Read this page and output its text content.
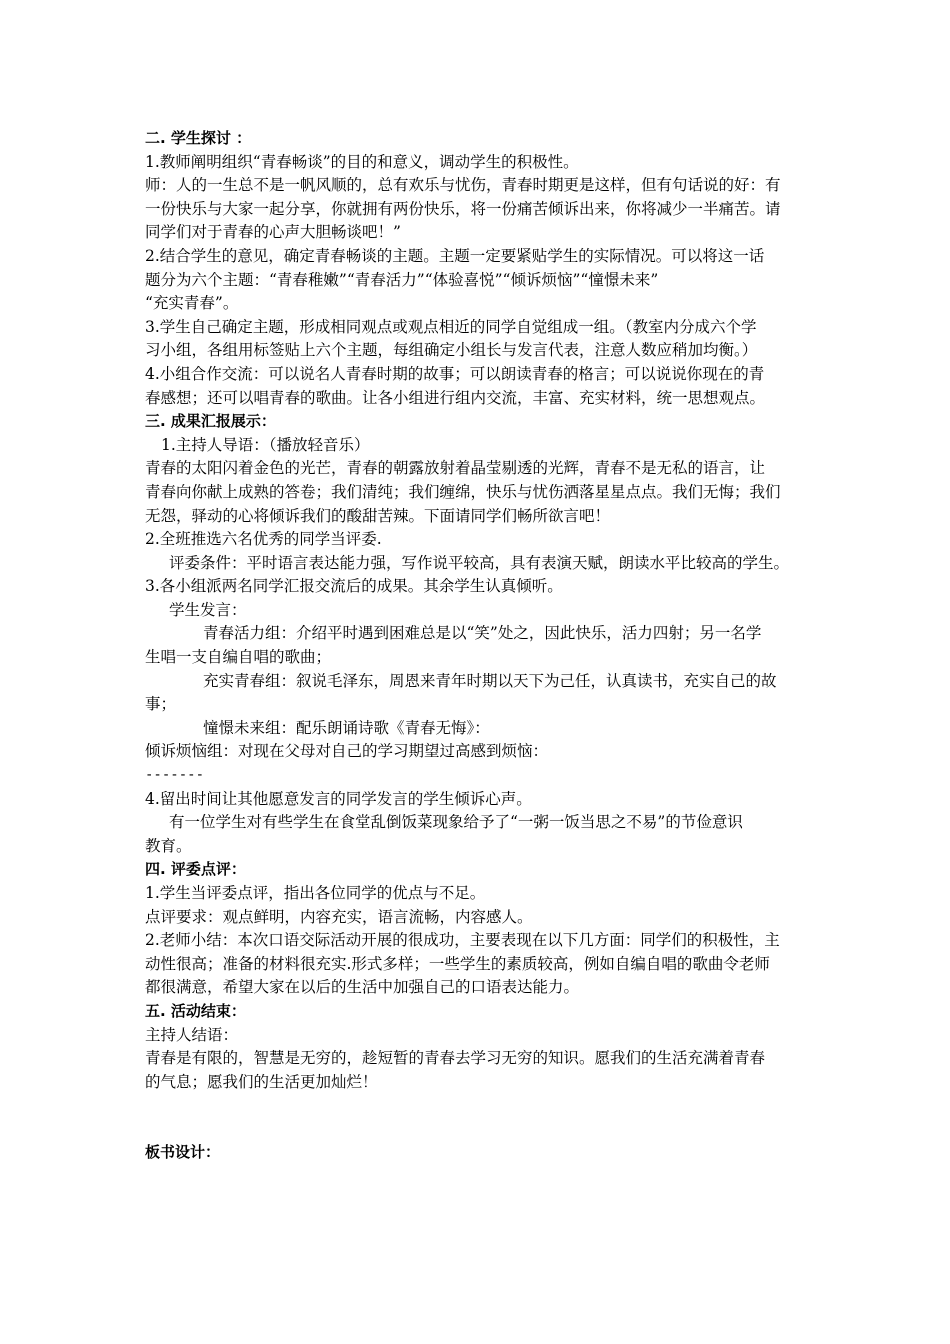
二. 学生探讨 ：
1.教师阐明组织“青春畅谈”的目的和意义，调动学生的积极性。
师：人的一生总不是一帆风顺的，总有欢乐与忧伤，青春时期更是这样，但有句话说的好：有
一份快乐与大家一起分享，你就拥有两份快乐，将一份痛苦倾诉出来，你将减少一半痛苦。请
同学们对于青春的心声大胆畅谈吧！”
2.结合学生的意见，确定青春畅谈的主题。主题一定要紧贴学生的实际情况。可以将这一话
题分为六个主题：“青春稚嫩”“青春活力”“体验喜悦”“倾诉烦恼”“憧憬未来”
“充实青春”。
3.学生自己确定主题，形成相同观点或观点相近的同学自觉组成一组。（教室内分成六个学
习小组，各组用标签贴上六个主题，每组确定小组长与发言代表，注意人数应稍加均衡。）
4.小组合作交流：可以说名人青春时期的故事；可以朗读青春的格言；可以说说你现在的青
春感想；还可以唱青春的歌曲。让各小组进行组内交流，丰富、充实材料，统一思想观点。
三. 成果汇报展示：
1.主持人导语：（播放轻音乐）
青春的太阳闪着金色的光芒，青春的朝露放射着晶莹剔透的光辉，青春不是无私的语言，让
青春向你献上成熟的答卷；我们清纯；我们缠绵，快乐与忧伤洒落星星点点。我们无悔；我们
无怨，驿动的心将倾诉我们的酸甜苦辣。下面请同学们畅所欲言吧！
2.全班推选六名优秀的同学当评委.
评委条件：平时语言表达能力强，写作说平较高，具有表演天赋，朗读水平比较高的学生。
3.各小组派两名同学汇报交流后的成果。其余学生认真倾听。
学生发言：
青春活力组：介绍平时遇到困难总是以“笑”处之，因此快乐，活力四射；另一名学
生唱一支自编自唱的歌曲；
充实青春组：叙说毛泽东，周恩来青年时期以天下为己任，认真读书，充实自己的故
事；
憧憬未来组：配乐朗诵诗歌《青春无悔》：
倾诉烦恼组：对现在父母对自己的学习期望过高感到烦恼：
-------
4.留出时间让其他愿意发言的同学发言的学生倾诉心声。
有一位学生对有些学生在食堂乱倒饭菜现象给予了“一粥一饭当思之不易”的节俭意识
教育。
四. 评委点评：
1.学生当评委点评，指出各位同学的优点与不足。
点评要求：观点鲜明，内容充实，语言流畅，内容感人。
2.老师小结：本次口语交际活动开展的很成功，主要表现在以下几方面：同学们的积极性，主
动性很高；准备的材料很充实.形式多样；一些学生的素质较高，例如自编自唱的歌曲令老师
都很满意，希望大家在以后的生活中加强自己的口语表达能力。
五. 活动结束：
主持人结语：
青春是有限的，智慧是无穷的，趁短暂的青春去学习无穷的知识。愿我们的生活充满着青春
的气息；愿我们的生活更加灿烂！
板书设计：
